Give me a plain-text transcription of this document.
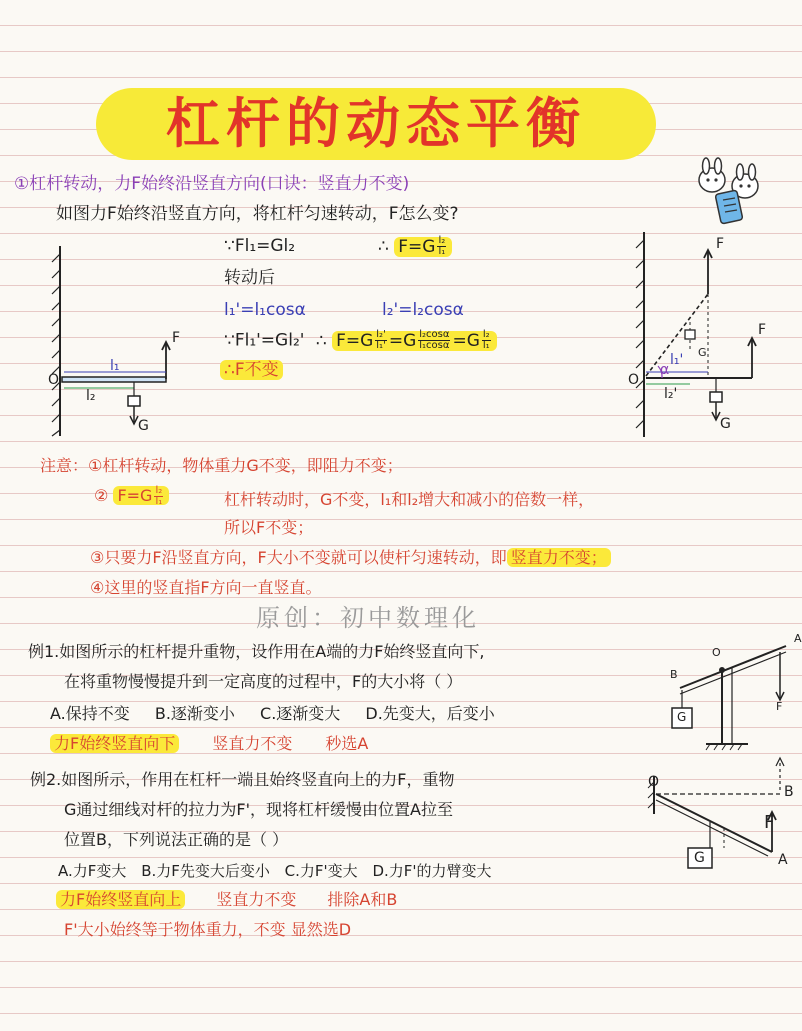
杠杆的动态平衡
①杠杆转动，力F始终沿竖直方向(口诀：竖直力不变)
如图力F始终沿竖直方向，将杠杆匀速转动，F怎么变?
∵Fl₁=Gl₂	∴ $F=G \frac{\text{l₂}}{\text{l₁}}$
转动后
l₁'=l₁cosα	l₂'=l₂cosα
∵Fl₁'=Gl₂' ∴ $F=G \frac{\text{l₂'}}{\text{l₁'}} =G \frac{\text{l₂cosα}}{\text{l₁cosα}} =G \frac{\text{l₂}}{\text{l₁}}$
∴F不变
O
l₁
l₂
F
G
O
α
l₁'
l₂'
F
F
G
G
注意：①杠杆转动，物体重力G不变，即阻力不变；
② $F=G \frac{\text{l₂}}{\text{l₁}}$	杠杆转动时，G不变，l₁和l₂增大和减小的倍数一样，
所以F不变；
③只要力F沿竖直方向，F大小不变就可以使杆匀速转动，即 竖直力不变；
④这里的竖直指F方向一直竖直。
原创：初中数理化
例1.如图所示的杠杆提升重物，设作用在A端的力F始终竖直向下,
在将重物慢慢提升到一定高度的过程中，F的大小将（ ）
A.保持不变 B.逐渐变小 C.逐渐变大 D.先变大，后变小
力F始终竖直向下 竖直力不变 秒选A
A
B
O
F
G
例2.如图所示，作用在杠杆一端且始终竖直向上的力F，重物
G通过细线对杆的拉力为F'，现将杠杆缓慢由位置A拉至
位置B，下列说法正确的是（ ）
A.力F变大 B.力F先变大后变小 C.力F'变大 D.力F'的力臂变大
力F始终竖直向上 竖直力不变 排除A和B
F'大小始终等于物体重力，不变 显然选D
O
B
A
F
G
